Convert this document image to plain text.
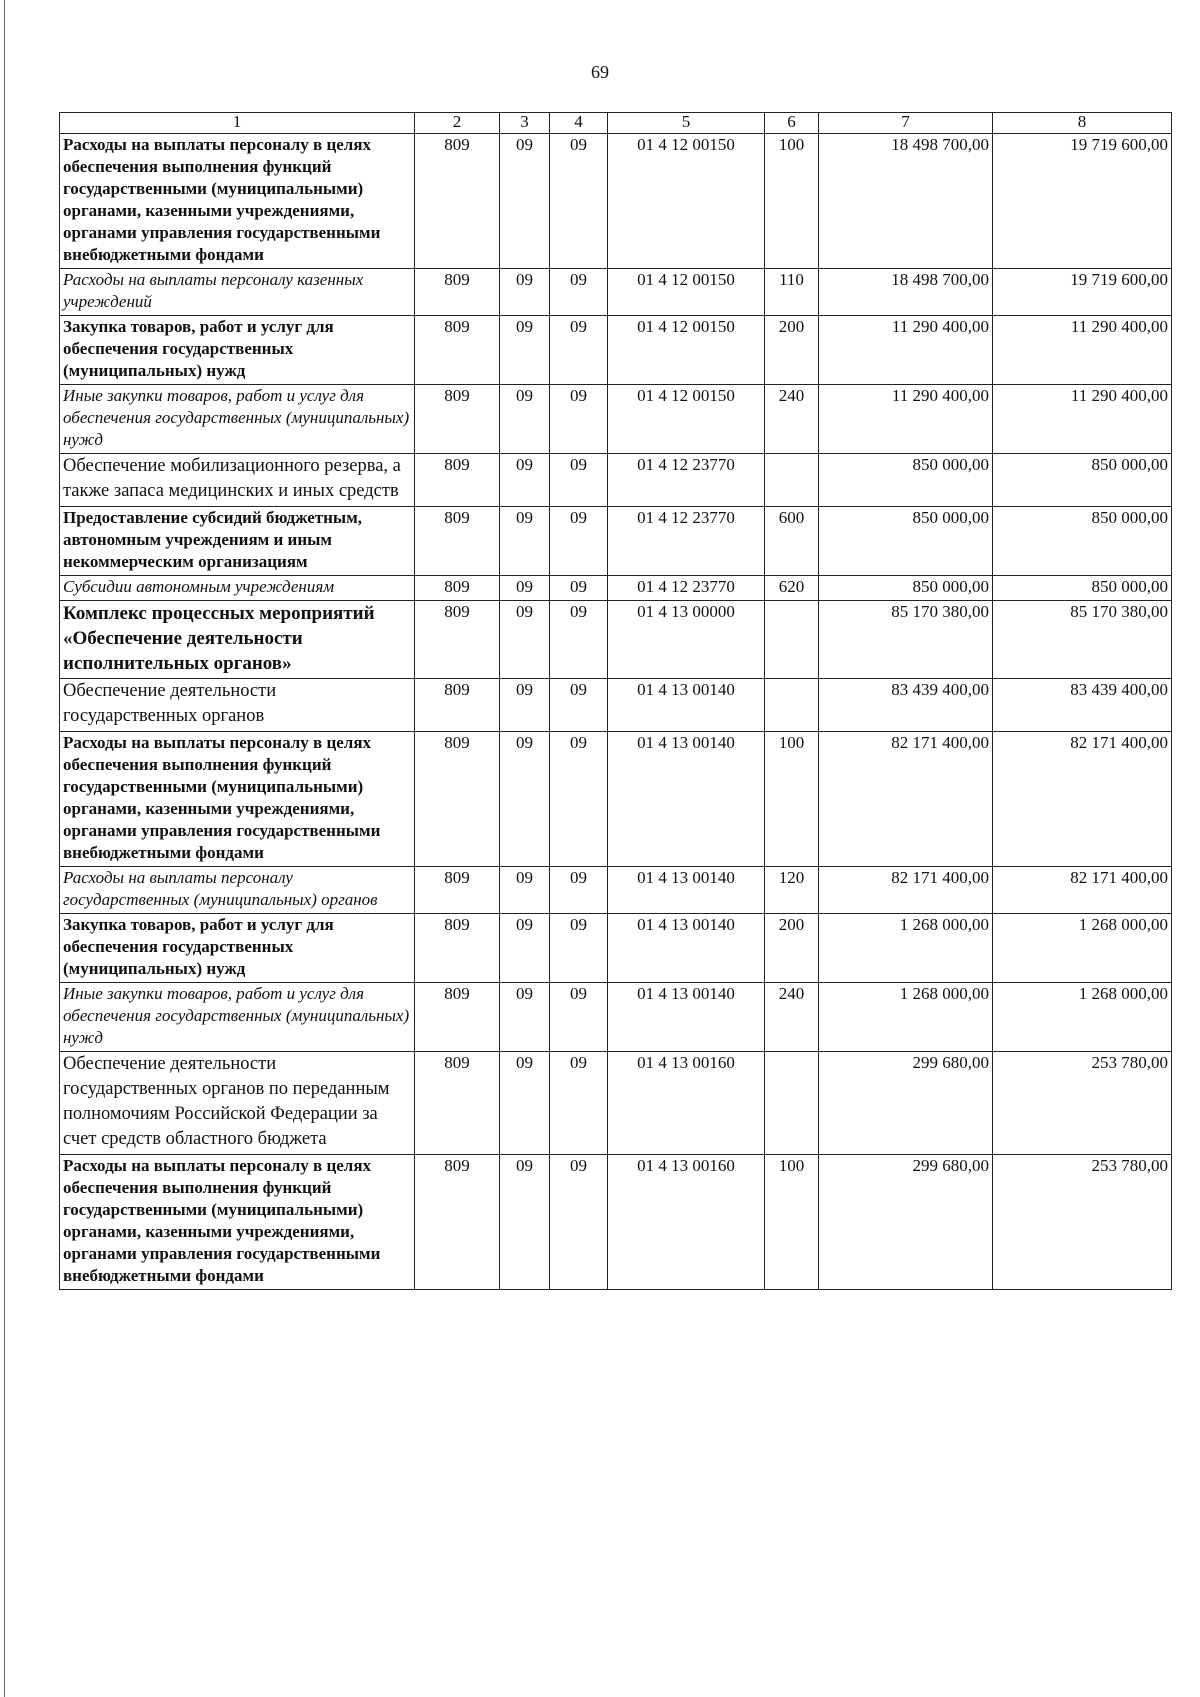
69
1	2	3	4	5	6	7	8
Расходы на выплаты персоналу в целях обеспечения выполнения функций государственными (муниципальными) органами, казенными учреждениями, органами управления государственными внебюджетными фондами	809	09	09	01 4 12 00150	100	18 498 700,00	19 719 600,00
Расходы на выплаты персоналу казенных учреждений	809	09	09	01 4 12 00150	110	18 498 700,00	19 719 600,00
Закупка товаров, работ и услуг для обеспечения государственных (муниципальных) нужд	809	09	09	01 4 12 00150	200	11 290 400,00	11 290 400,00
Иные закупки товаров, работ и услуг для обеспечения государственных (муниципальных) нужд	809	09	09	01 4 12 00150	240	11 290 400,00	11 290 400,00
Обеспечение мобилизационного резерва, а также запаса медицинских и иных средств	809	09	09	01 4 12 23770		850 000,00	850 000,00
Предоставление субсидий бюджетным, автономным учреждениям и иным некоммерческим организациям	809	09	09	01 4 12 23770	600	850 000,00	850 000,00
Субсидии автономным учреждениям	809	09	09	01 4 12 23770	620	850 000,00	850 000,00
Комплекс процессных мероприятий «Обеспечение деятельности исполнительных органов»	809	09	09	01 4 13 00000		85 170 380,00	85 170 380,00
Обеспечение деятельности государственных органов	809	09	09	01 4 13 00140		83 439 400,00	83 439 400,00
Расходы на выплаты персоналу в целях обеспечения выполнения функций государственными (муниципальными) органами, казенными учреждениями, органами управления государственными внебюджетными фондами	809	09	09	01 4 13 00140	100	82 171 400,00	82 171 400,00
Расходы на выплаты персоналу государственных (муниципальных) органов	809	09	09	01 4 13 00140	120	82 171 400,00	82 171 400,00
Закупка товаров, работ и услуг для обеспечения государственных (муниципальных) нужд	809	09	09	01 4 13 00140	200	1 268 000,00	1 268 000,00
Иные закупки товаров, работ и услуг для обеспечения государственных (муниципальных) нужд	809	09	09	01 4 13 00140	240	1 268 000,00	1 268 000,00
Обеспечение деятельности государственных органов по переданным полномочиям Российской Федерации за счет средств областного бюджета	809	09	09	01 4 13 00160		299 680,00	253 780,00
Расходы на выплаты персоналу в целях обеспечения выполнения функций государственными (муниципальными) органами, казенными учреждениями, органами управления государственными внебюджетными фондами	809	09	09	01 4 13 00160	100	299 680,00	253 780,00
